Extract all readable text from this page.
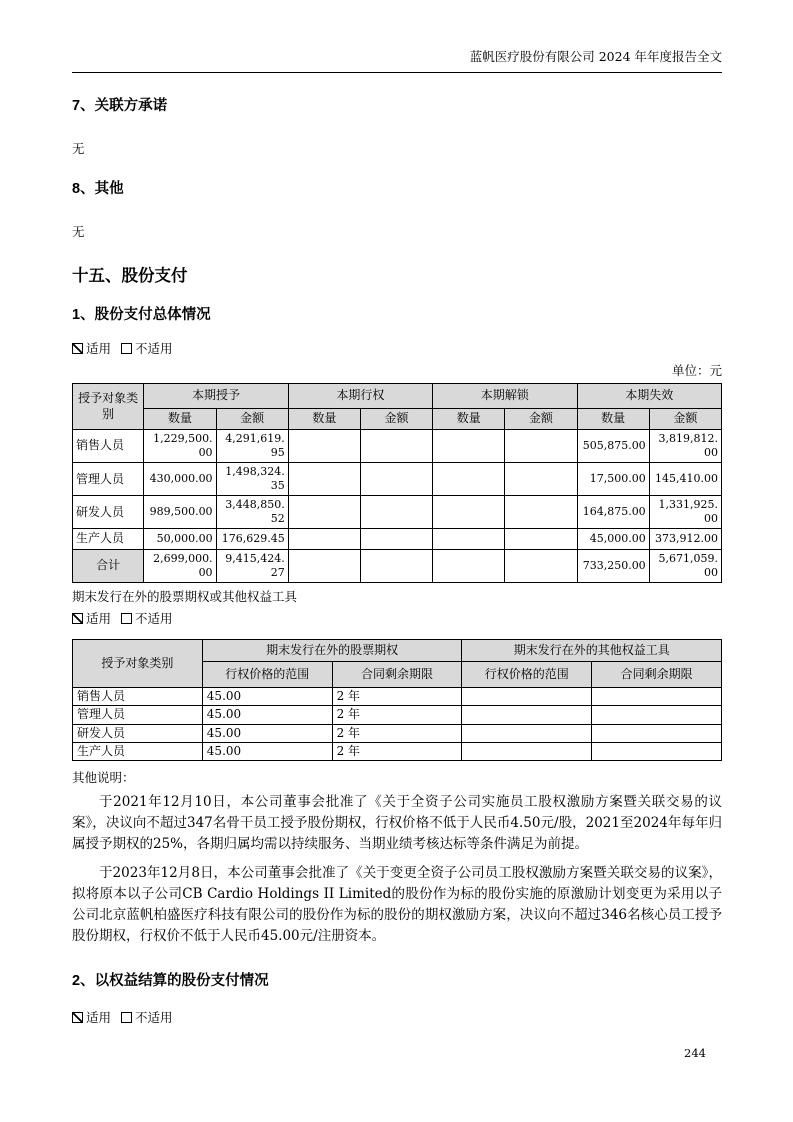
蓝帆医疗股份有限公司 2024 年年度报告全文
7、关联方承诺
无
8、其他
无
十五、股份支付
1、股份支付总体情况
适用 不适用
单位：元
授予对象类别	本期授予		本期行权		本期解锁		本期失效	
	数量	金额	数量	金额	数量	金额	数量	金额
销售人员	1,229,500.00	4,291,619.95					505,875.00	3,819,812.00
管理人员	430,000.00	1,498,324.35					17,500.00	145,410.00
研发人员	989,500.00	3,448,850.52					164,875.00	1,331,925.00
生产人员	50,000.00	176,629.45					45,000.00	373,912.00
合计	2,699,000.00	9,415,424.27					733,250.00	5,671,059.00
期末发行在外的股票期权或其他权益工具
适用 不适用
授予对象类别	期末发行在外的股票期权		期末发行在外的其他权益工具	
	行权价格的范围	合同剩余期限	行权价格的范围	合同剩余期限
销售人员	45.00	2 年		
管理人员	45.00	2 年		
研发人员	45.00	2 年		
生产人员	45.00	2 年		
其他说明：
于2021年12月10日，本公司董事会批准了《关于全资子公司实施员工股权激励方案暨关联交易的议案》，决议向不超过347名骨干员工授予股份期权，行权价格不低于人民币4.50元/股，2021至2024年每年归属授予期权的25%，各期归属均需以持续服务、当期业绩考核达标等条件满足为前提。
于2023年12月8日，本公司董事会批准了《关于变更全资子公司员工股权激励方案暨关联交易的议案》，拟将原本以子公司CB Cardio Holdings II Limited的股份作为标的股份实施的原激励计划变更为采用以子公司北京蓝帆柏盛医疗科技有限公司的股份作为标的股份的期权激励方案，决议向不超过346名核心员工授予股份期权，行权价不低于人民币45.00元/注册资本。
2、以权益结算的股份支付情况
适用 不适用
244
